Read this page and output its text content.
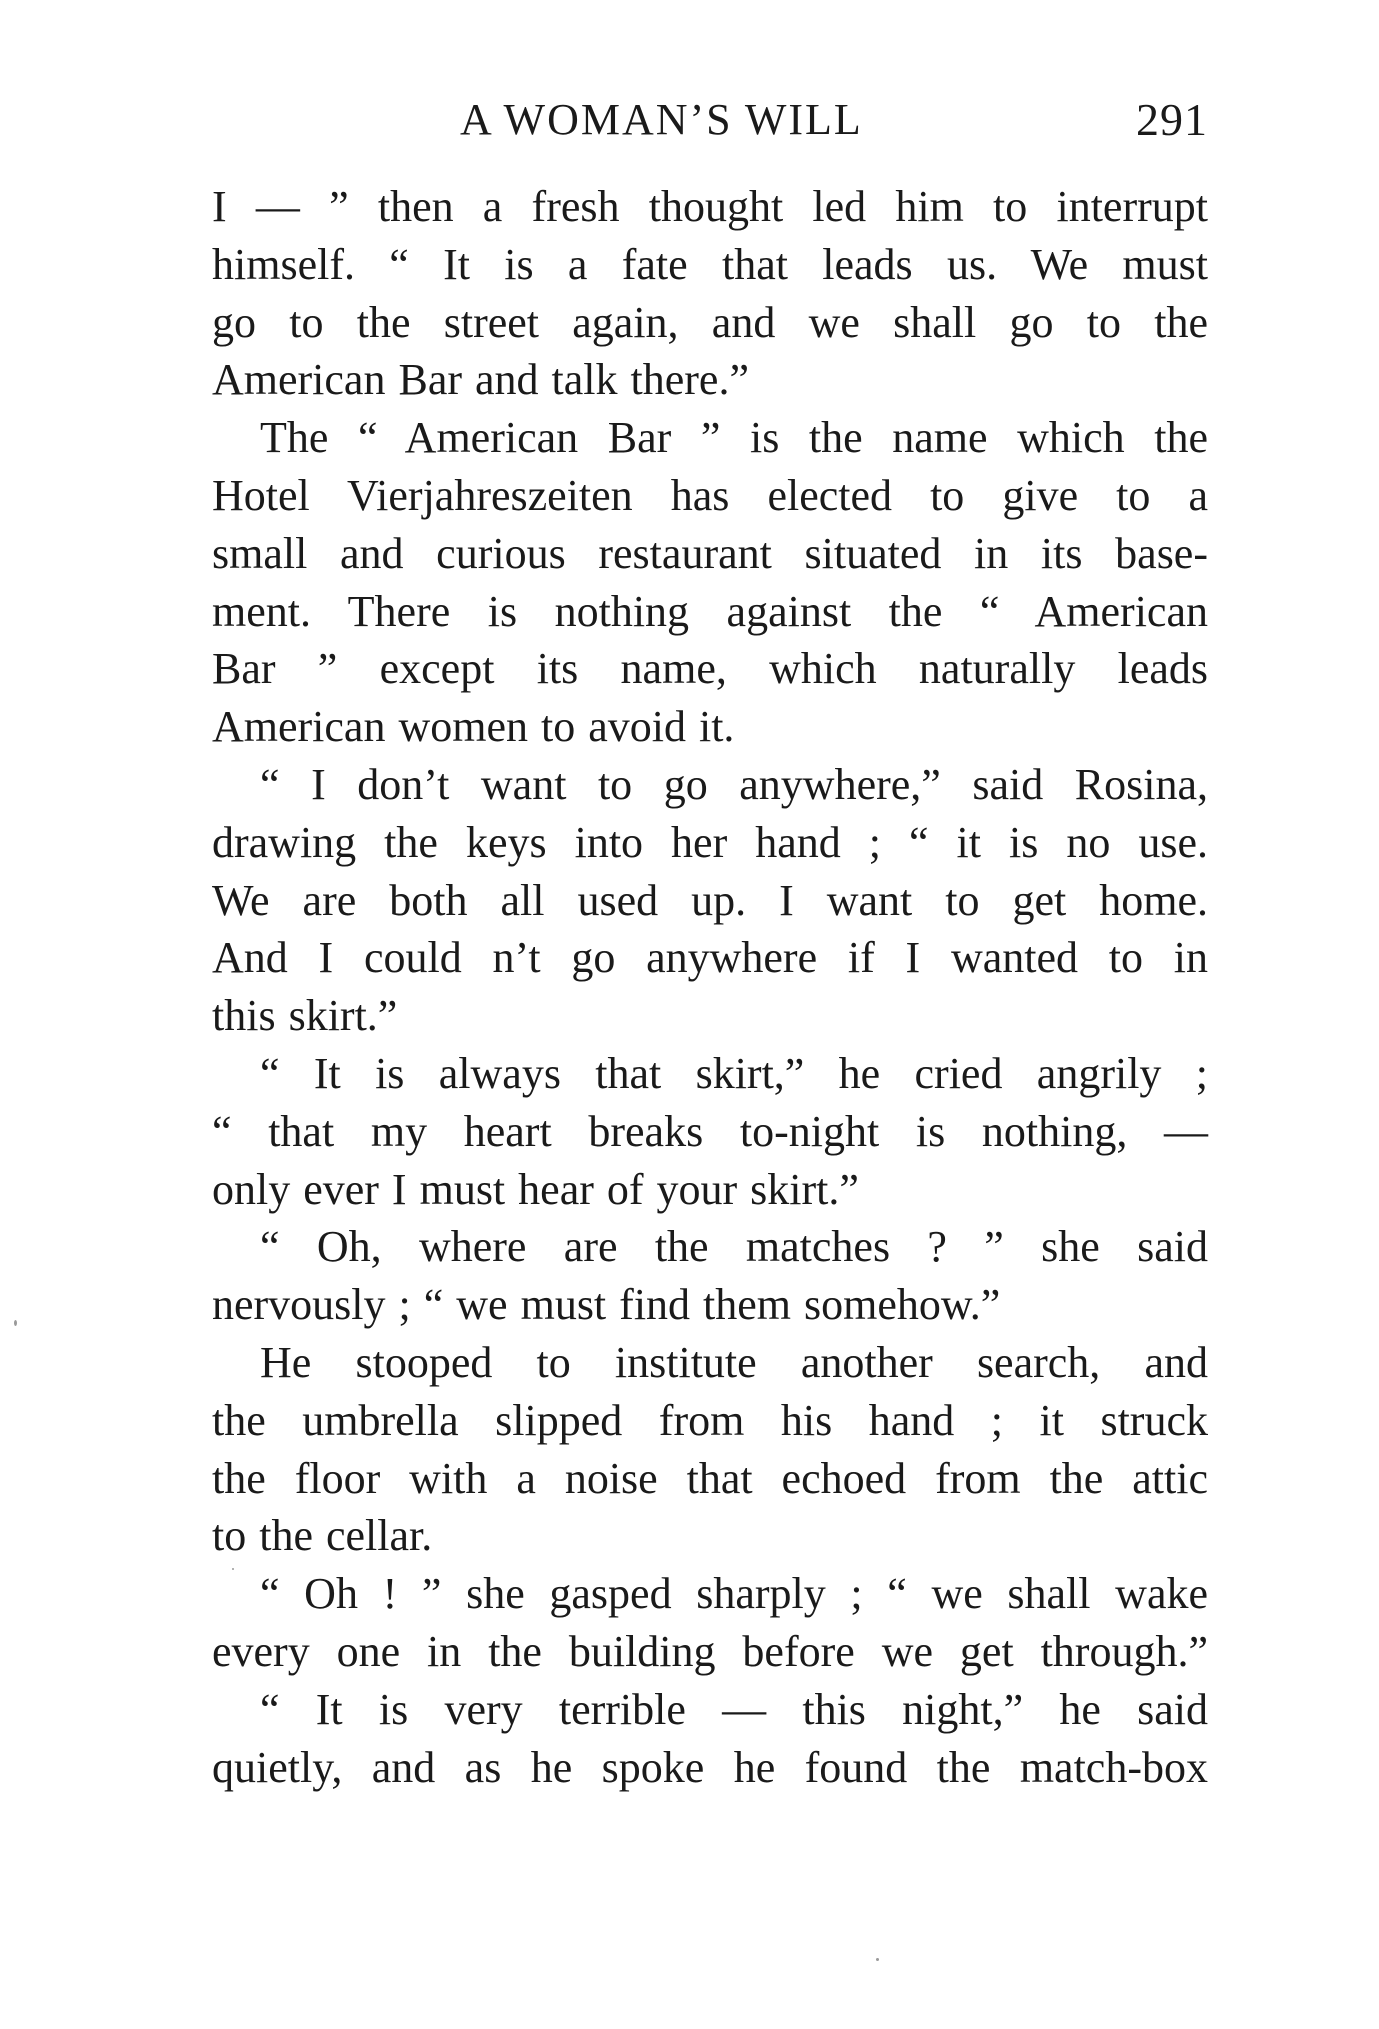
A WOMAN’S WILL	291
I — ” then a fresh thought led him to interrupt
himself. “ It is a fate that leads us. We must
go to the street again, and we shall go to the
American Bar and talk there.”
The “ American Bar ” is the name which the
Hotel Vierjahreszeiten has elected to give to a
small and curious restaurant situated in its base-
ment. There is nothing against the “ American
Bar ” except its name, which naturally leads
American women to avoid it.
“ I don’t want to go anywhere,” said Rosina,
drawing the keys into her hand ; “ it is no use.
We are both all used up. I want to get home.
And I could n’t go anywhere if I wanted to in
this skirt.”
“ It is always that skirt,” he cried angrily ;
“ that my heart breaks to-night is nothing, —
only ever I must hear of your skirt.”
“ Oh, where are the matches ? ” she said
nervously ; “ we must find them somehow.”
He stooped to institute another search, and
the umbrella slipped from his hand ; it struck
the floor with a noise that echoed from the attic
to the cellar.
“ Oh ! ” she gasped sharply ; “ we shall wake
every one in the building before we get through.”
“ It is very terrible — this night,” he said
quietly, and as he spoke he found the match-box
